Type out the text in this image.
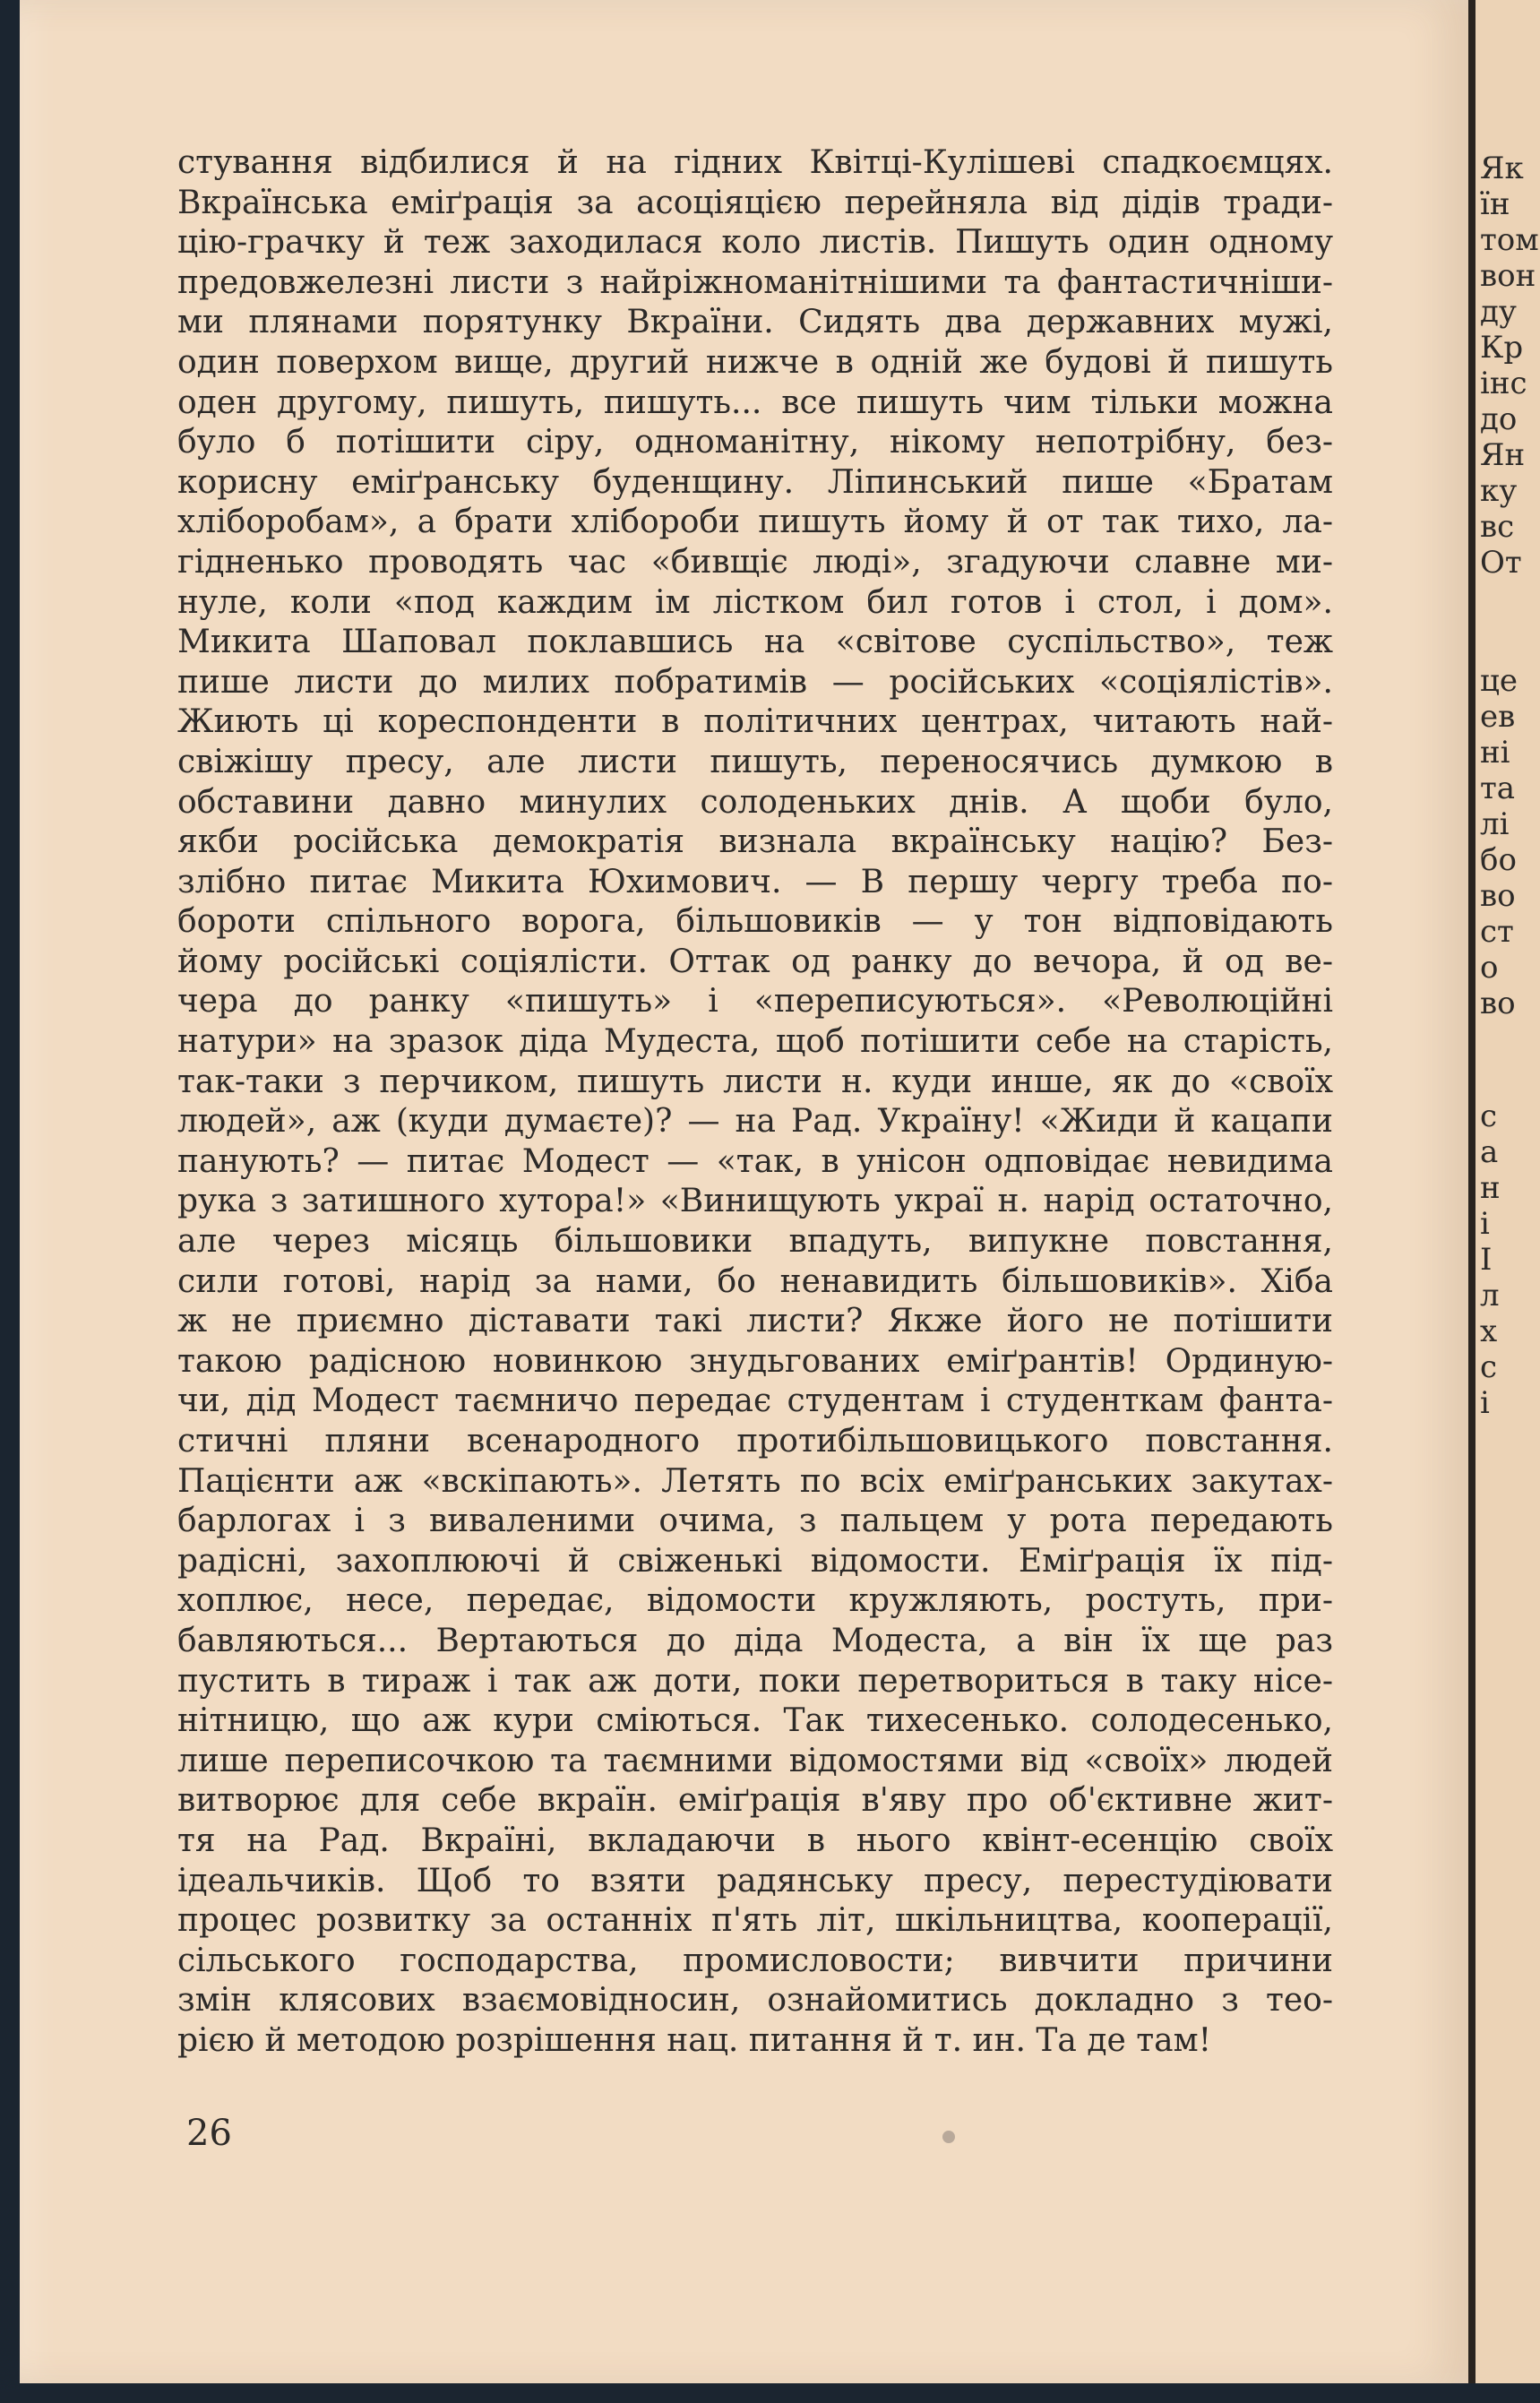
стування відбилися й на гідних Квітці-Кулішеві спадкоємцях.
Вкраїнська еміґрація за асоціяцією перейняла від дідів тради-
цію-грачку й теж заходилася коло листів. Пишуть один одному
предовжелезні листи з найріжноманітнішими та фантастичніши-
ми плянами порятунку Вкраїни. Сидять два державних мужі,
один поверхом вище, другий нижче в одній же будові й пишуть
оден другому, пишуть, пишуть... все пишуть чим тільки можна
було б потішити сіру, одноманітну, нікому непотрібну, без-
корисну еміґранську буденщину. Ліпинський пише «Братам
хліборобам», а брати хлібороби пишуть йому й от так тихо, ла-
гідненько проводять час «бивщіє люді», згадуючи славне ми-
нуле, коли «под каждим ім лістком бил готов і стол, і дом».
Микита Шаповал поклавшись на «світове суспільство», теж
пише листи до милих побратимів — російських «соціялістів».
Жиють ці кореспонденти в політичних центрах, читають най-
свіжішу пресу, але листи пишуть, переносячись думкою в
обставини давно минулих солоденьких днів. А щоби було,
якби російська демократія визнала вкраїнську націю? Без-
злібно питає Микита Юхимович. — В першу чергу треба по-
бороти спільного ворога, більшовиків — у тон відповідають
йому російські соціялісти. Оттак од ранку до вечора, й од ве-
чера до ранку «пишуть» і «переписуються». «Революційні
натури» на зразок діда Мудеста, щоб потішити себе на старість,
так-таки з перчиком, пишуть листи н. куди инше, як до «своїх
людей», аж (куди думаєте)? — на Рад. Україну! «Жиди й кацапи
панують? — питає Модест — «так, в унісон одповідає невидима
рука з затишного хутора!» «Винищують украї н. нарід остаточно,
але через місяць більшовики впадуть, випукне повстання,
сили готові, нарід за нами, бо ненавидить більшовиків». Хіба
ж не приємно діставати такі листи? Якже його не потішити
такою радісною новинкою знудьгованих еміґрантів! Ординую-
чи, дід Модест таємничо передає студентам і студенткам фанта-
стичні пляни всенародного протибільшовицького повстання.
Пацієнти аж «вскіпають». Летять по всіх еміґранських закутах-
барлогах і з виваленими очима, з пальцем у рота передають
радісні, захоплюючі й свіженькі відомости. Еміґрація їх під-
хоплює, несе, передає, відомости кружляють, ростуть, при-
бавляються... Вертаються до діда Модеста, а він їх ще раз
пустить в тираж і так аж доти, поки перетвориться в таку нісе-
нітницю, що аж кури сміються. Так тихесенько. солодесенько,
лише переписочкою та таємними відомостями від «своїх» людей
витворює для себе вкраїн. еміґрація в'яву про об'єктивне жит-
тя на Рад. Вкраїні, вкладаючи в нього квінт-есенцію своїх
ідеальчиків. Щоб то взяти радянську пресу, перестудіювати
процес розвитку за останніх п'ять літ, шкільництва, кооперації,
сільського господарства, промисловости; вивчити причини
змін клясових взаємовідносин, ознайомитись докладно з тео-
рією й методою розрішення нац. питання й т. ин. Та де там!
26
Як
їн
том
вон
ду
Кр
інс
до
Ян
ку
вс
От
це
ев
ні
та
лі
бо
во
ст
о
во
с
а
н
і
І
л
х
с
і
